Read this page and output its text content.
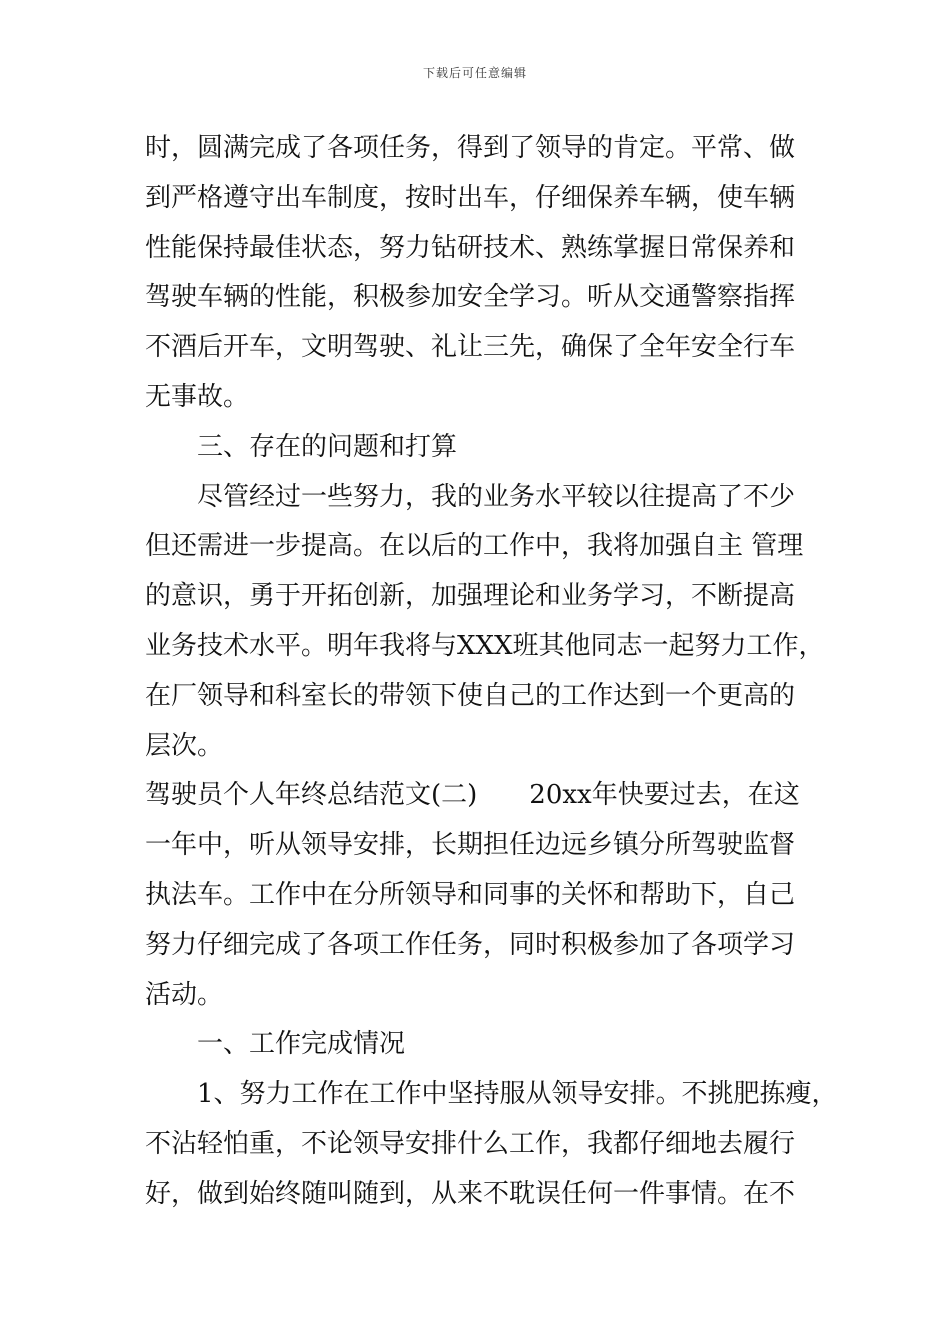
下载后可任意编辑
时，圆满完成了各项任务，得到了领导的肯定。平常、做
到严格遵守出车制度，按时出车，仔细保养车辆，使车辆
性能保持最佳状态，努力钻研技术、熟练掌握日常保养和
驾驶车辆的性能，积极参加安全学习。听从交通警察指挥
不酒后开车，文明驾驶、礼让三先，确保了全年安全行车
无事故。
三、存在的问题和打算
尽管经过一些努力，我的业务水平较以往提高了不少
但还需进一步提高。在以后的工作中，我将加强自主 管理
的意识，勇于开拓创新，加强理论和业务学习，不断提高
业务技术水平。明年我将与XXX班其他同志一起努力工作，
在厂领导和科室长的带领下使自己的工作达到一个更高的
层次。
驾驶员个人年终总结范文(二) 20xx年快要过去，在这
一年中，听从领导安排，长期担任边远乡镇分所驾驶监督
执法车。工作中在分所领导和同事的关怀和帮助下，自己
努力仔细完成了各项工作任务，同时积极参加了各项学习
活动。
一、工作完成情况
1、努力工作在工作中坚持服从领导安排。不挑肥拣瘦，
不沾轻怕重，不论领导安排什么工作，我都仔细地去履行
好，做到始终随叫随到，从来不耽误任何一件事情。在不
